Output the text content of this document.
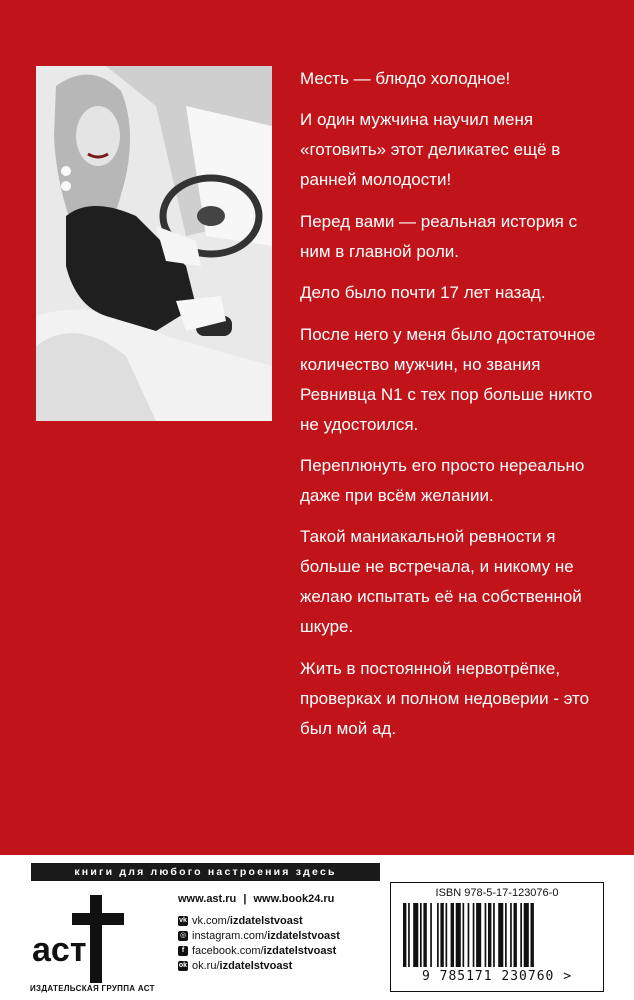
Месть — блюдо холодное!

И один мужчина научил меня «готовить» этот деликатес ещё в ранней молодости!

Перед вами — реальная история с ним в главной роли.

Дело было почти 17 лет назад.

После него у меня было достаточное количество мужчин, но звания Ревнивца N1 с тех пор больше никто не удостоился.

Переплюнуть его просто нереально даже при всём желании.

Такой маниакальной ревности я больше не встречала, и никому не желаю испытать её на собственной шкуре.

Жить в постоянной нервотрёпке, проверках и полном недоверии - это был мой ад.

книги для любого настроения здесь
аст
ИЗДАТЕЛЬСКАЯ ГРУППА АСТ
www.ast.ru | www.book24.ru
vk vk.com/ izdatelstvoast
◎ instagram.com/ izdatelstvoast
f facebook.com/ izdatelstvoast
ok ok.ru/ izdatelstvoast
ISBN 978-5-17-123076-0
9 785171 230760 >
